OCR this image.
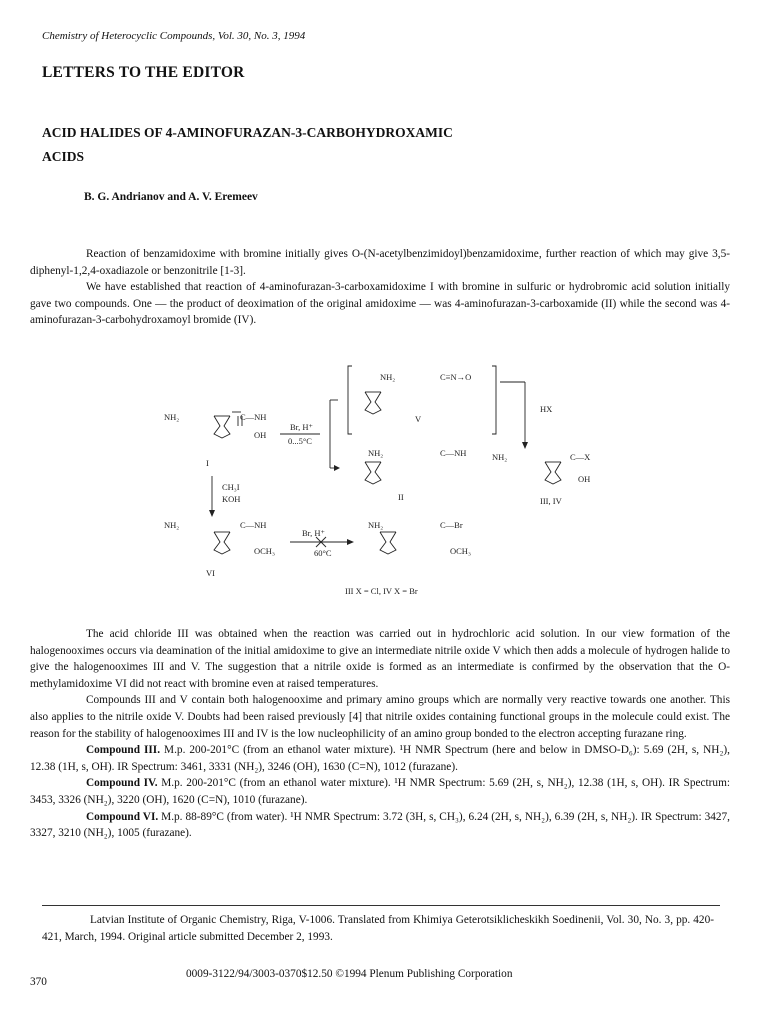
Chemistry of Heterocyclic Compounds, Vol. 30, No. 3, 1994
LETTERS TO THE EDITOR
ACID HALIDES OF 4-AMINOFURAZAN-3-CARBOHYDROXAMIC
ACIDS
B. G. Andrianov and A. V. Eremeev

Reaction of benzamidoxime with bromine initially gives O-(N-acetylbenzimidoyl)benzamidoxime, further reaction of which may give 3,5-diphenyl-1,2,4-oxadiazole or benzonitrile [1-3].

We have established that reaction of 4-aminofurazan-3-carboxamidoxime I with bromine in sulfuric or hydrobromic acid solution initially gave two compounds. One — the product of deoximation of the original amidoxime — was 4-aminofurazan-3-carboxamide (II) while the second was 4-aminofurazan-3-carbohydroxamoyl bromide (IV).

NH₂	C≡N→O
V
NH₂	C—NH
OH
Br, H⁺
0...5°C
I
HX
NH₂	C—NH
II
NH₂	C—X
OH
III, IV
CH₃I
KOH
NH₂	C—NH
OCH₃
VI
Br, H⁺
60°C
NH₂	C—Br
OCH₃
III X = Cl, IV X = Br

The acid chloride III was obtained when the reaction was carried out in hydrochloric acid solution. In our view formation of the halogenooximes occurs via deamination of the initial amidoxime to give an intermediate nitrile oxide V which then adds a molecule of hydrogen halide to give the halogenooximes III and V. The suggestion that a nitrile oxide is formed as an intermediate is confirmed by the observation that the O-methylamidoxime VI did not react with bromine even at raised temperatures.

Compounds III and V contain both halogenooxime and primary amino groups which are normally very reactive towards one another. This also applies to the nitrile oxide V. Doubts had been raised previously [4] that nitrile oxides containing functional groups in the molecule could exist. The reason for the stability of halogenooximes III and IV is the low nucleophilicity of an amino group bonded to the electron accepting furazane ring.

Compound III. M.p. 200-201°C (from an ethanol water mixture). ¹H NMR Spectrum (here and below in DMSO-D₆): 5.69 (2H, s, NH₂), 12.38 (1H, s, OH). IR Spectrum: 3461, 3331 (NH₂), 3246 (OH), 1630 (C=N), 1012 (furazane).

Compound IV. M.p. 200-201°C (from an ethanol water mixture). ¹H NMR Spectrum: 5.69 (2H, s, NH₂), 12.38 (1H, s, OH). IR Spectrum: 3453, 3326 (NH₂), 3220 (OH), 1620 (C=N), 1010 (furazane).

Compound VI. M.p. 88-89°C (from water). ¹H NMR Spectrum: 3.72 (3H, s, CH₃), 6.24 (2H, s, NH₂), 6.39 (2H, s, NH₂). IR Spectrum: 3427, 3327, 3210 (NH₂), 1005 (furazane).

Latvian Institute of Organic Chemistry, Riga, V-1006. Translated from Khimiya Geterotsiklicheskikh Soedinenii, Vol. 30, No. 3, pp. 420-421, March, 1994. Original article submitted December 2, 1993.
370
0009-3122/94/3003-0370$12.50 ©1994 Plenum Publishing Corporation
